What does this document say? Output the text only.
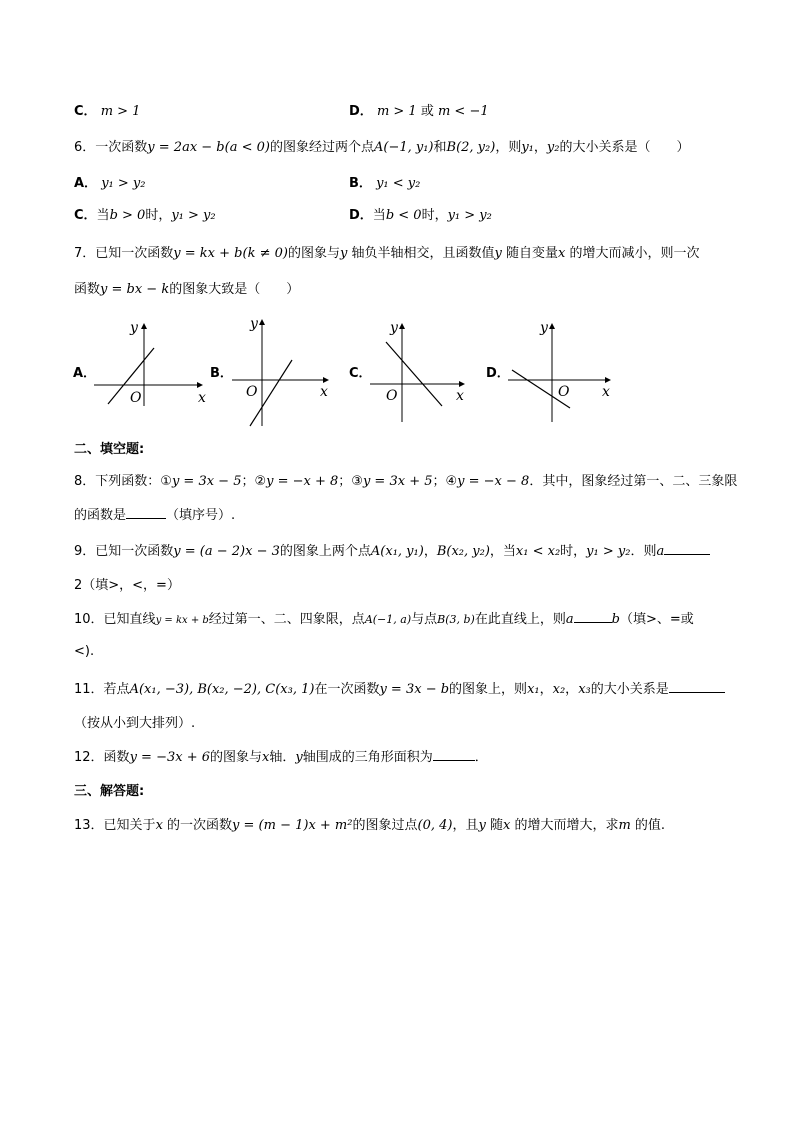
C． m > 1	D． m > 1 或 m < −1
6．一次函数y = 2ax − b(a < 0)的图象经过两个点A(−1, y₁)和B(2, y₂)，则y₁，y₂的大小关系是（　　）
A． y₁ > y₂	B． y₁ < y₂
C．当b > 0时，y₁ > y₂	D．当b < 0时，y₁ > y₂
7．已知一次函数y = kx + b(k ≠ 0)的图象与y 轴负半轴相交，且函数值y 随自变量x 的增大而减小，则一次
函数y = bx − k的图象大致是（　　）
A．
O	x
y
B．
O	x
y
C．
O	x
y
D．
O x
y
二、填空题:
8．下列函数：①y = 3x − 5；②y = −x + 8；③y = 3x + 5；④y = −x − 8．其中，图象经过第一、二、三象限
的函数是	（填序号）.
9．已知一次函数y = (a − 2)x − 3的图象上两个点A(x₁, y₁)，B(x₂, y₂)，当x₁ < x₂时，y₁ > y₂．则a
2（填>，<，=）
10．已知直线y = kx + b经过第一、二、四象限，点A(−1, a)与点B(3, b)在此直线上，则a	b（填>、=或
<).
11．若点A(x₁, −3), B(x₂, −2), C(x₃, 1)在一次函数y = 3x − b的图象上，则x₁，x₂，x₃的大小关系是
（按从小到大排列）.
12．函数y = −3x + 6的图象与x轴．y轴围成的三角形面积为	．
三、解答题:
13．已知关于x 的一次函数y = (m − 1)x + m²的图象过点(0, 4)，且y 随x 的增大而增大，求m 的值.
